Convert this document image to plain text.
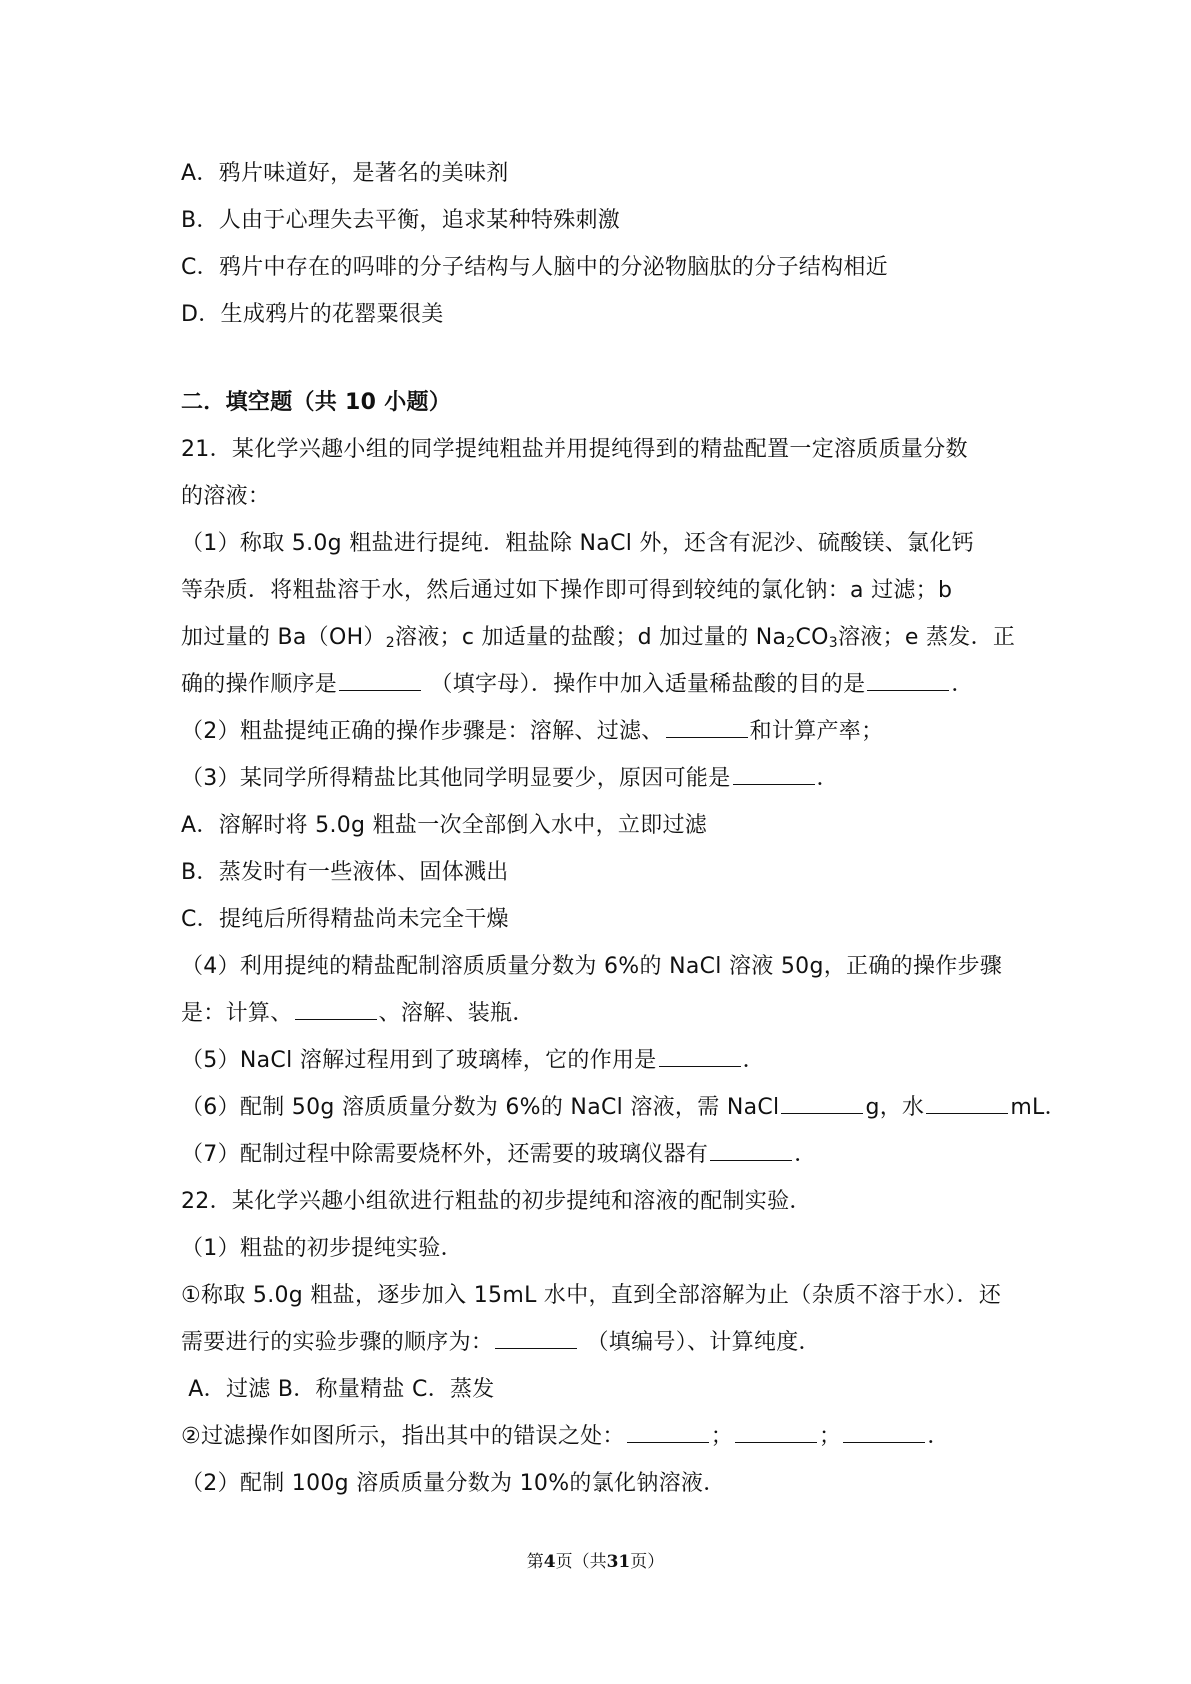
A．鸦片味道好，是著名的美味剂
B．人由于心理失去平衡，追求某种特殊刺激
C．鸦片中存在的吗啡的分子结构与人脑中的分泌物脑肽的分子结构相近
D．生成鸦片的花罂粟很美
二．填空题（共 10 小题）
21．某化学兴趣小组的同学提纯粗盐并用提纯得到的精盐配置一定溶质质量分数
的溶液：
（1）称取 5.0g 粗盐进行提纯．粗盐除 NaCl 外，还含有泥沙、硫酸镁、氯化钙
等杂质．将粗盐溶于水，然后通过如下操作即可得到较纯的氯化钠：a 过滤；b
加过量的 $Ba(OH)_2$溶液；c 加适量的盐酸；d 加过量的 $Na_2CO_3$溶液；e 蒸发．正
确的操作顺序是	（填字母）．操作中加入适量稀盐酸的目的是	．
（2）粗盐提纯正确的操作步骤是：溶解、过滤、	和计算产率；
（3）某同学所得精盐比其他同学明显要少，原因可能是	．
A．溶解时将 5.0g 粗盐一次全部倒入水中，立即过滤
B．蒸发时有一些液体、固体溅出
C．提纯后所得精盐尚未完全干燥
（4）利用提纯的精盐配制溶质质量分数为 6%的 NaCl 溶液 50g，正确的操作步骤
是：计算、	、溶解、装瓶．
（5）NaCl 溶解过程用到了玻璃棒，它的作用是	．
（6）配制 50g 溶质质量分数为 6%的 NaCl 溶液，需 NaCl	g，水	mL．
（7）配制过程中除需要烧杯外，还需要的玻璃仪器有	．
22．某化学兴趣小组欲进行粗盐的初步提纯和溶液的配制实验．
（1）粗盐的初步提纯实验．
①称取 5.0g 粗盐，逐步加入 15mL 水中，直到全部溶解为止（杂质不溶于水）．还
需要进行的实验步骤的顺序为：	（填编号）、计算纯度．
A．过滤 B．称量精盐 C．蒸发
②过滤操作如图所示，指出其中的错误之处：	；	；	．
（2）配制 100g 溶质质量分数为 10%的氯化钠溶液．
第4页（共31页）
